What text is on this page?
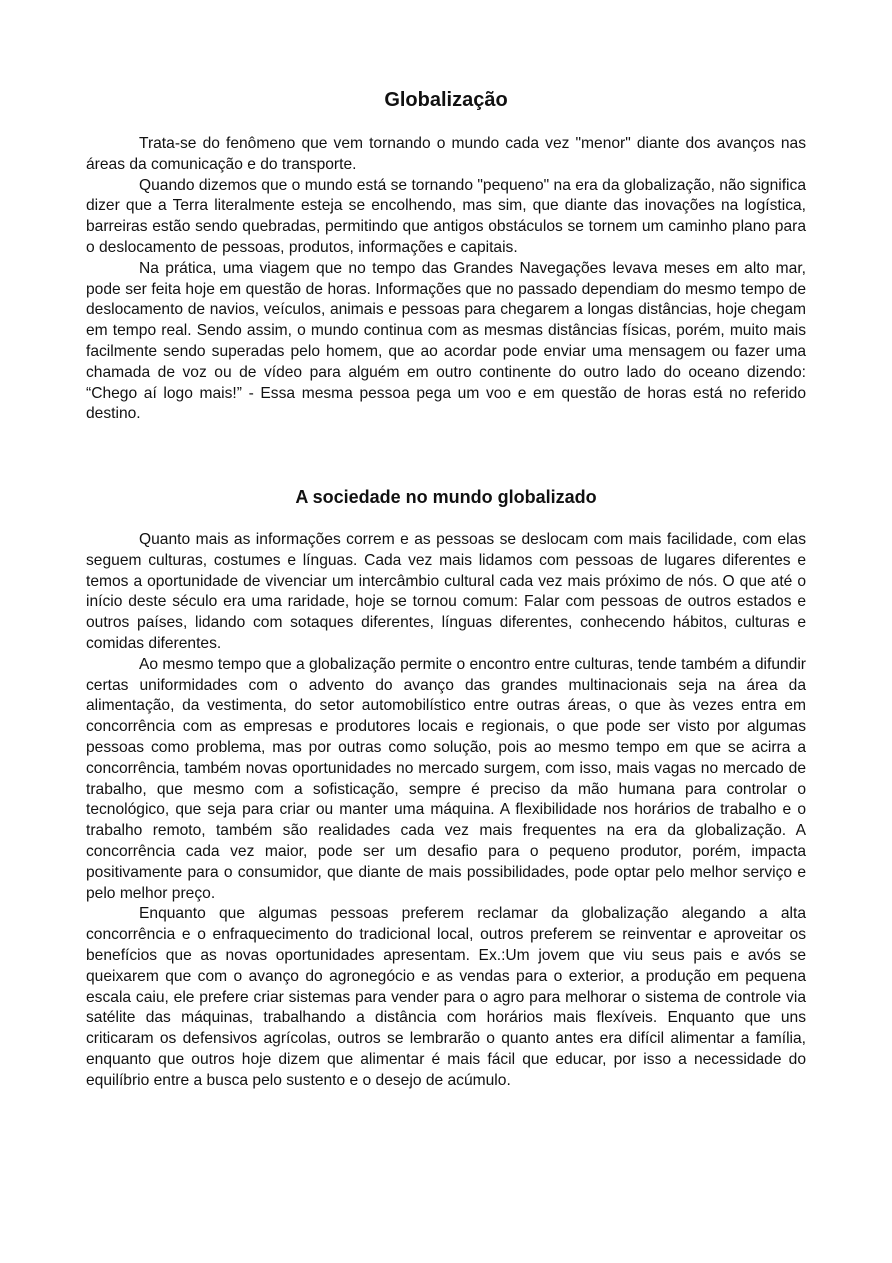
Globalização

Trata-se do fenômeno que vem tornando o mundo cada vez "menor" diante dos avanços nas áreas da comunicação e do transporte.

Quando dizemos que o mundo está se tornando "pequeno" na era da globalização, não significa dizer que a Terra literalmente esteja se encolhendo, mas sim, que diante das inovações na logística, barreiras estão sendo quebradas, permitindo que antigos obstáculos se tornem um caminho plano para o deslocamento de pessoas, produtos, informações e capitais.

Na prática, uma viagem que no tempo das Grandes Navegações levava meses em alto mar, pode ser feita hoje em questão de horas. Informações que no passado dependiam do mesmo tempo de deslocamento de navios, veículos, animais e pessoas para chegarem a longas distâncias, hoje chegam em tempo real. Sendo assim, o mundo continua com as mesmas distâncias físicas, porém, muito mais facilmente sendo superadas pelo homem, que ao acordar pode enviar uma mensagem ou fazer uma chamada de voz ou de vídeo para alguém em outro continente do outro lado do oceano dizendo: “Chego aí logo mais!” - Essa mesma pessoa pega um voo e em questão de horas está no referido destino.

A sociedade no mundo globalizado

Quanto mais as informações correm e as pessoas se deslocam com mais facilidade, com elas seguem culturas, costumes e línguas. Cada vez mais lidamos com pessoas de lugares diferentes e temos a oportunidade de vivenciar um intercâmbio cultural cada vez mais próximo de nós. O que até o início deste século era uma raridade, hoje se tornou comum: Falar com pessoas de outros estados e outros países, lidando com sotaques diferentes, línguas diferentes, conhecendo hábitos, culturas e comidas diferentes.

Ao mesmo tempo que a globalização permite o encontro entre culturas, tende também a difundir certas uniformidades com o advento do avanço das grandes multinacionais seja na área da alimentação, da vestimenta, do setor automobilístico entre outras áreas, o que às vezes entra em concorrência com as empresas e produtores locais e regionais, o que pode ser visto por algumas pessoas como problema, mas por outras como solução, pois ao mesmo tempo em que se acirra a concorrência, também novas oportunidades no mercado surgem, com isso, mais vagas no mercado de trabalho, que mesmo com a sofisticação, sempre é preciso da mão humana para controlar o tecnológico, que seja para criar ou manter uma máquina. A flexibilidade nos horários de trabalho e o trabalho remoto, também são realidades cada vez mais frequentes na era da globalização. A concorrência cada vez maior, pode ser um desafio para o pequeno produtor, porém, impacta positivamente para o consumidor, que diante de mais possibilidades, pode optar pelo melhor serviço e pelo melhor preço.

Enquanto que algumas pessoas preferem reclamar da globalização alegando a alta concorrência e o enfraquecimento do tradicional local, outros preferem se reinventar e aproveitar os benefícios que as novas oportunidades apresentam. Ex.:Um jovem que viu seus pais e avós se queixarem que com o avanço do agronegócio e as vendas para o exterior, a produção em pequena escala caiu, ele prefere criar sistemas para vender para o agro para melhorar o sistema de controle via satélite das máquinas, trabalhando a distância com horários mais flexíveis. Enquanto que uns criticaram os defensivos agrícolas, outros se lembrarão o quanto antes era difícil alimentar a família, enquanto que outros hoje dizem que alimentar é mais fácil que educar, por isso a necessidade do equilíbrio entre a busca pelo sustento e o desejo de acúmulo.
